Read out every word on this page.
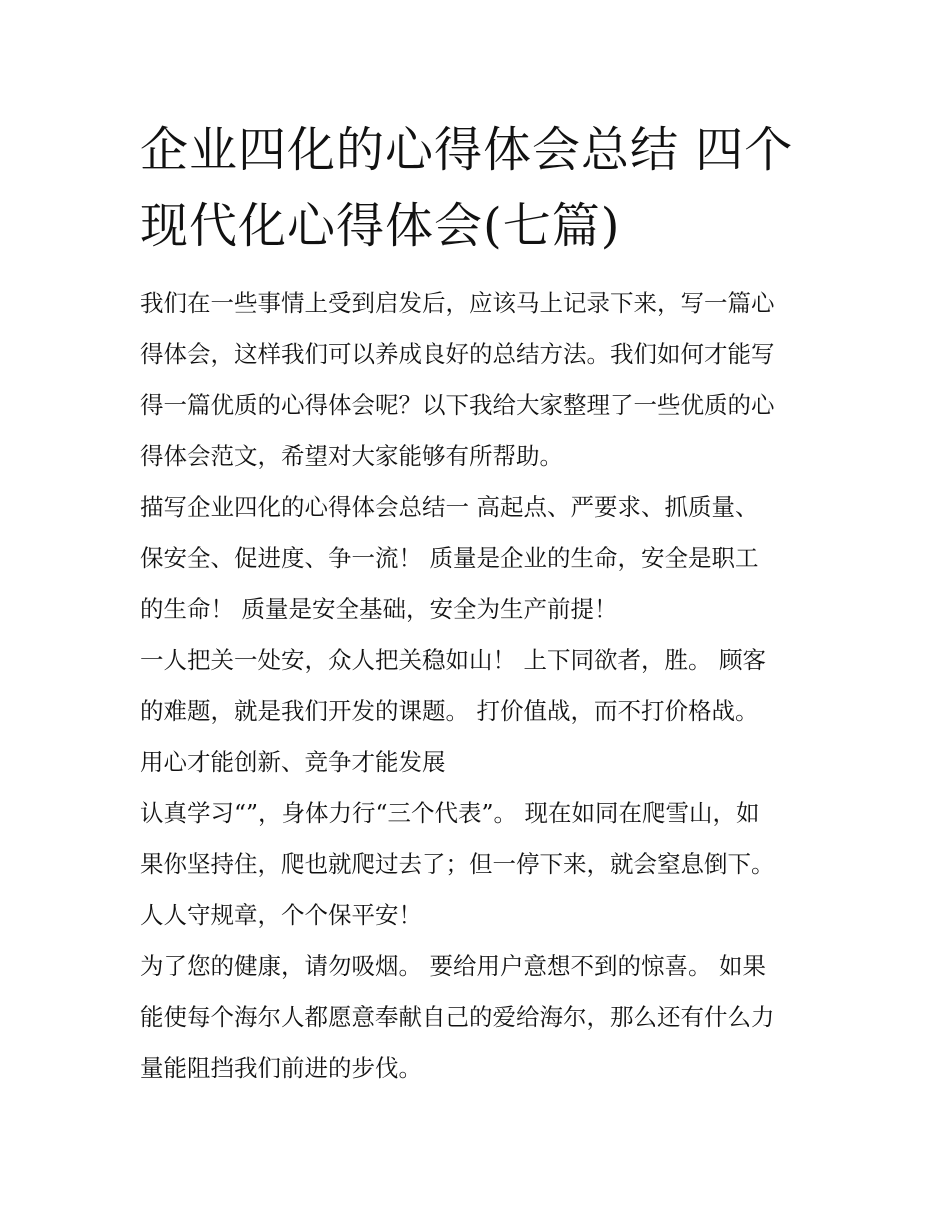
企业四化的心得体会总结 四个
现代化心得体会(七篇)

我们在一些事情上受到启发后，应该马上记录下来，写一篇心
得体会，这样我们可以养成良好的总结方法。我们如何才能写
得一篇优质的心得体会呢？以下我给大家整理了一些优质的心
得体会范文，希望对大家能够有所帮助。

描写企业四化的心得体会总结一 高起点、严要求、抓质量、
保安全、促进度、争一流！ 质量是企业的生命，安全是职工
的生命！ 质量是安全基础，安全为生产前提！

一人把关一处安，众人把关稳如山！ 上下同欲者，胜。 顾客
的难题，就是我们开发的课题。 打价值战，而不打价格战。

用心才能创新、竞争才能发展

认真学习“”，身体力行“三个代表”。 现在如同在爬雪山，如
果你坚持住，爬也就爬过去了；但一停下来，就会窒息倒下。

人人守规章，个个保平安！

为了您的健康，请勿吸烟。 要给用户意想不到的惊喜。 如果
能使每个海尔人都愿意奉献自己的爱给海尔，那么还有什么力
量能阻挡我们前进的步伐。
